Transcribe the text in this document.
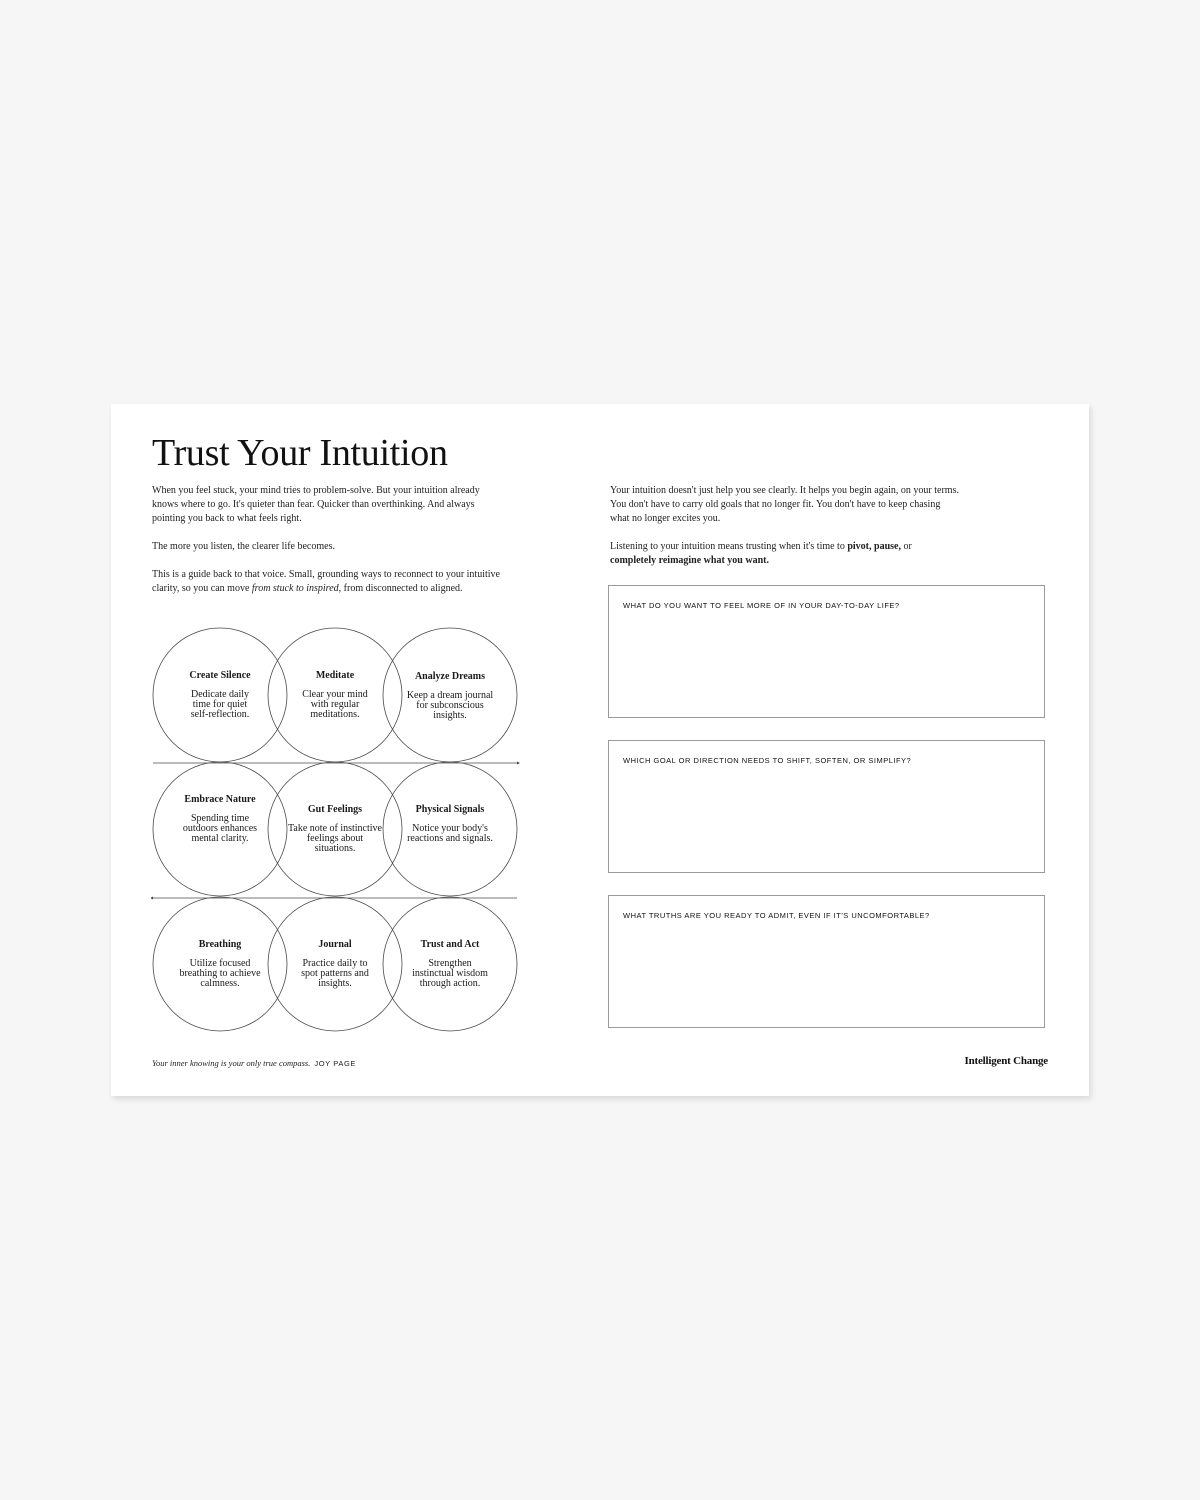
Trust Your Intuition

When you feel stuck, your mind tries to problem-solve. But your intuition already knows where to go. It's quieter than fear. Quicker than overthinking. And always pointing you back to what feels right.

The more you listen, the clearer life becomes.

This is a guide back to that voice. Small, grounding ways to reconnect to your intuitive clarity, so you can move from stuck to inspired, from disconnected to aligned.

Your intuition doesn't just help you see clearly. It helps you begin again, on your terms. You don't have to carry old goals that no longer fit. You don't have to keep chasing what no longer excites you.

Listening to your intuition means trusting when it's time to pivot, pause, or completely reimagine what you want.

Create Silence
Dedicate daily time for quiet self-reflection.
Meditate
Clear your mind with regular meditations.
Analyze Dreams
Keep a dream journal for subconscious insights.
Embrace Nature
Spending time outdoors enhances mental clarity.
Gut Feelings
Take note of instinctive feelings about situations.
Physical Signals
Notice your body's reactions and signals.
Breathing
Utilize focused breathing to achieve calmness.
Journal
Practice daily to spot patterns and insights.
Trust and Act
Strengthen instinctual wisdom through action.
WHAT DO YOU WANT TO FEEL MORE OF IN YOUR DAY-TO-DAY LIFE?
WHICH GOAL OR DIRECTION NEEDS TO SHIFT, SOFTEN, OR SIMPLIFY?
WHAT TRUTHS ARE YOU READY TO ADMIT, EVEN IF IT'S UNCOMFORTABLE?
Your inner knowing is your only true compass. JOY PAGE	Intelligent Change
